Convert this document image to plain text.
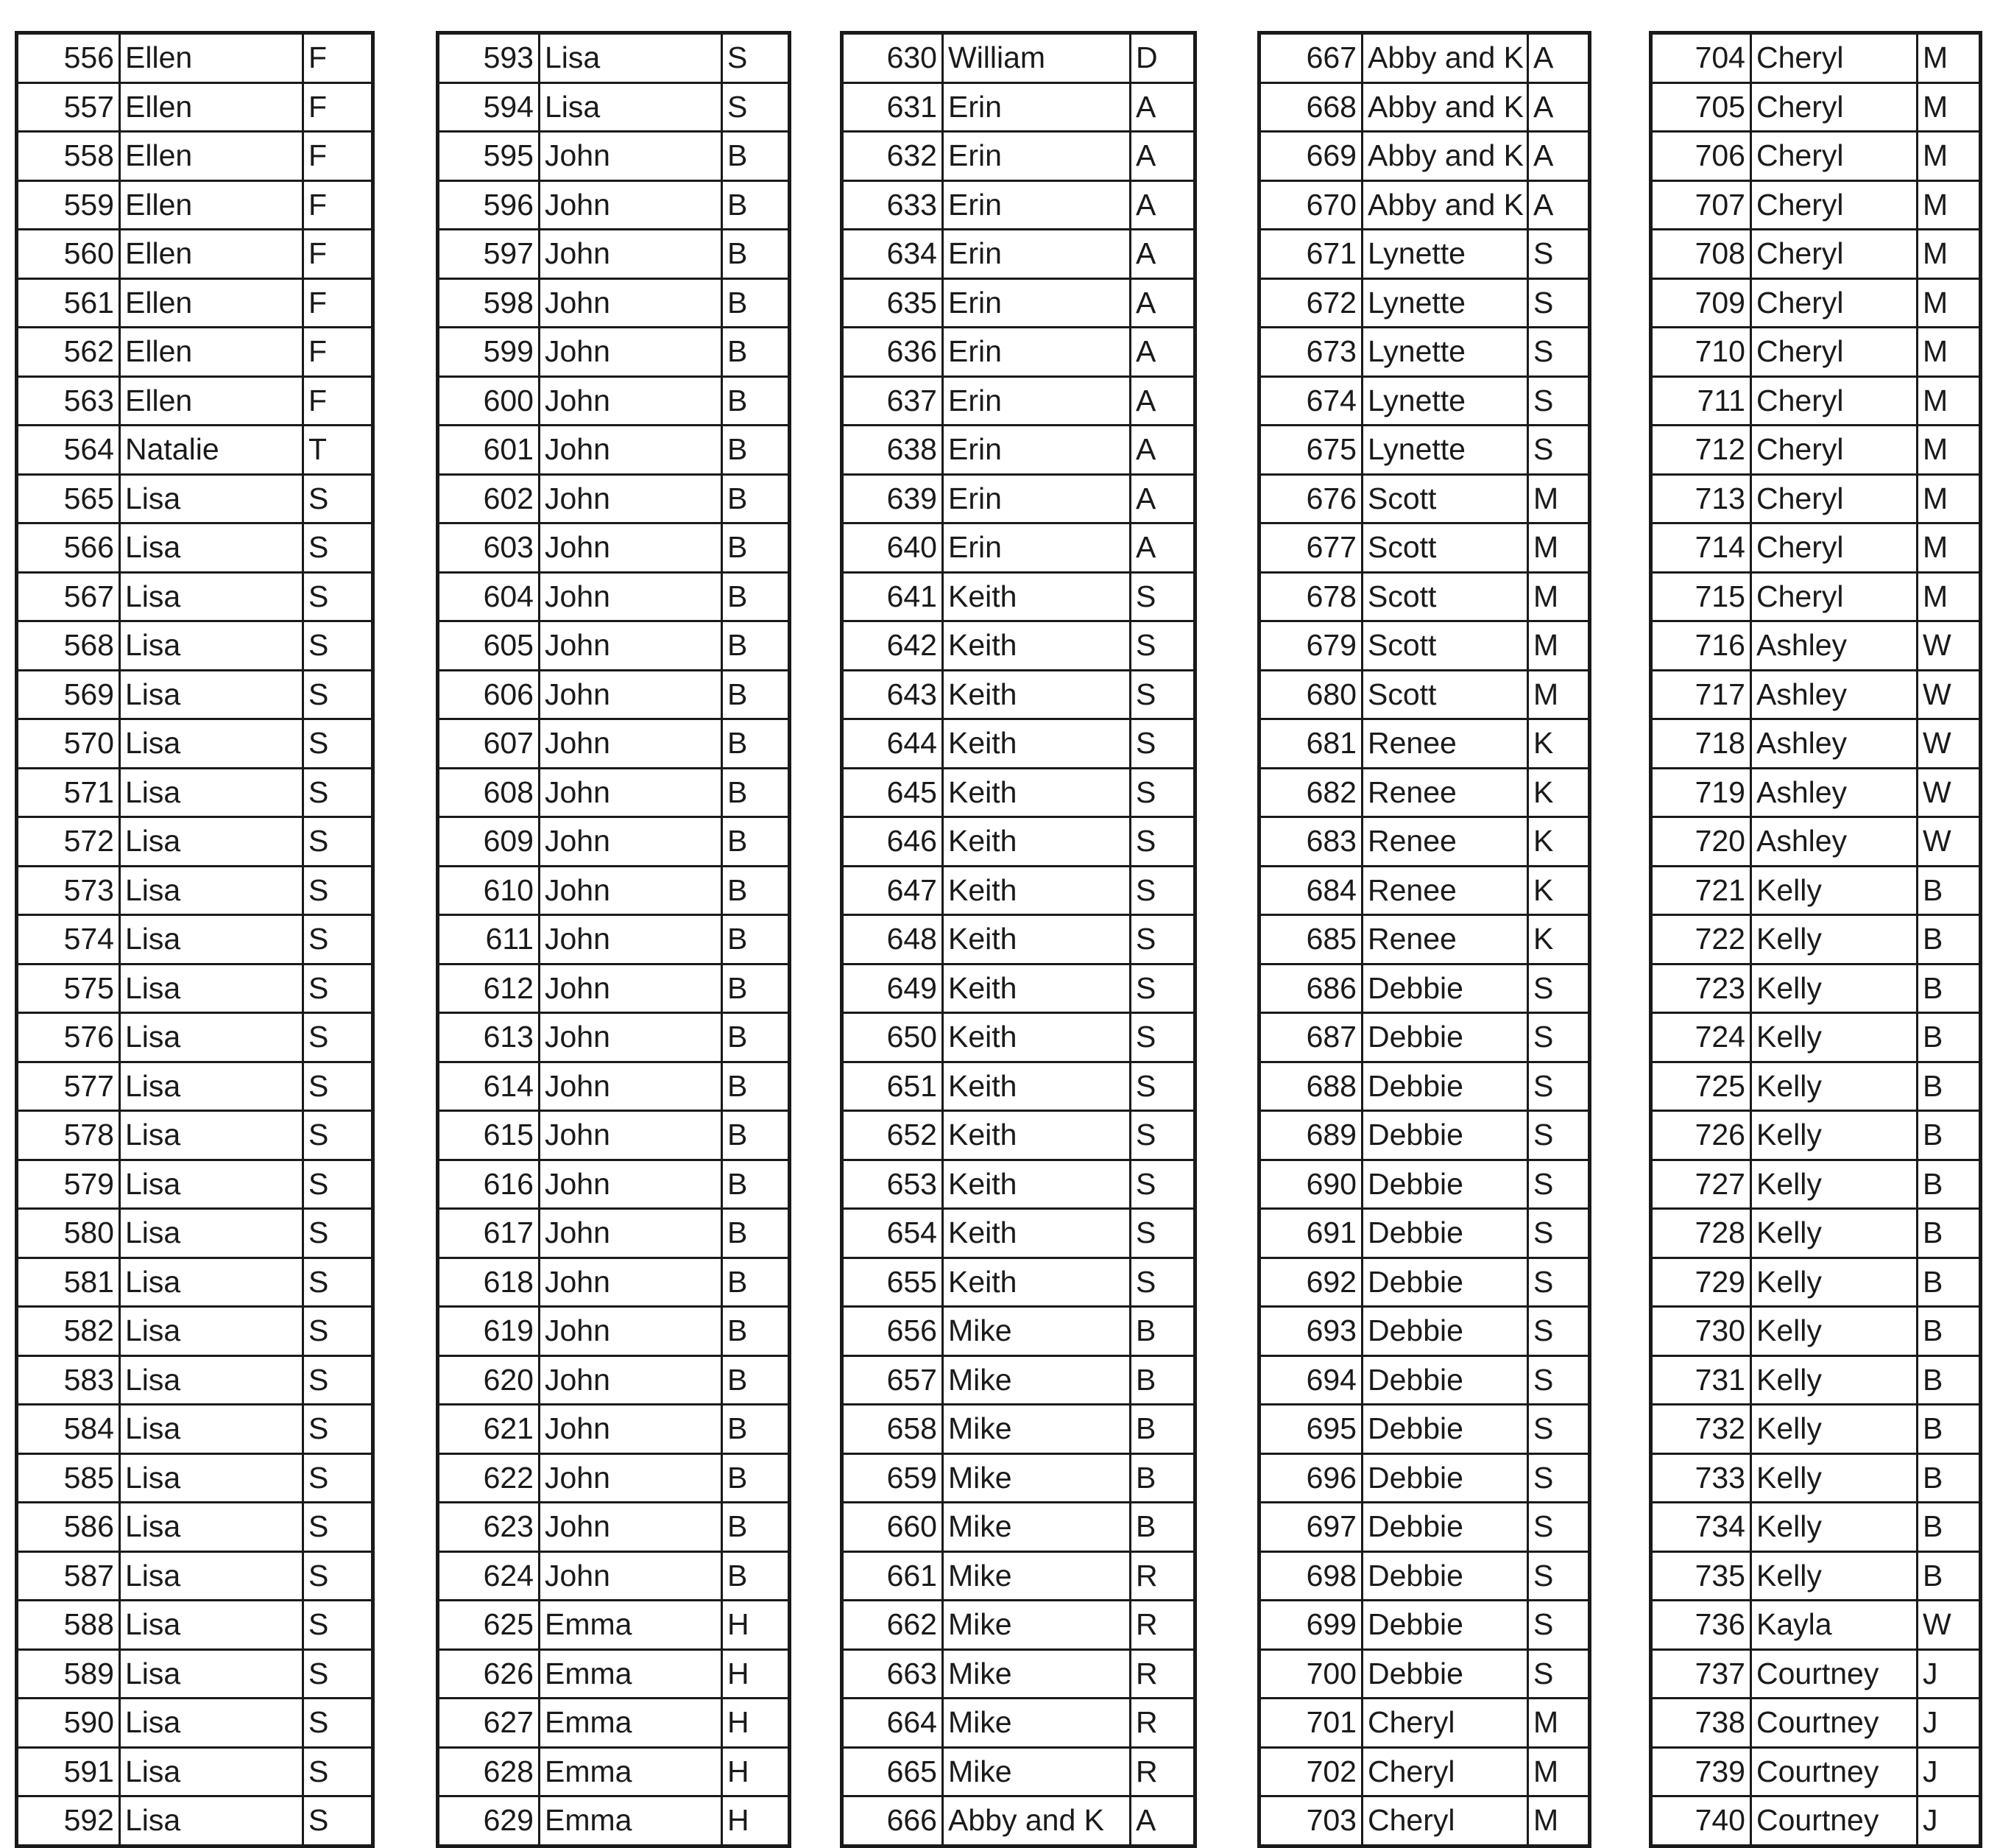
556	Ellen	F
557	Ellen	F
558	Ellen	F
559	Ellen	F
560	Ellen	F
561	Ellen	F
562	Ellen	F
563	Ellen	F
564	Natalie	T
565	Lisa	S
566	Lisa	S
567	Lisa	S
568	Lisa	S
569	Lisa	S
570	Lisa	S
571	Lisa	S
572	Lisa	S
573	Lisa	S
574	Lisa	S
575	Lisa	S
576	Lisa	S
577	Lisa	S
578	Lisa	S
579	Lisa	S
580	Lisa	S
581	Lisa	S
582	Lisa	S
583	Lisa	S
584	Lisa	S
585	Lisa	S
586	Lisa	S
587	Lisa	S
588	Lisa	S
589	Lisa	S
590	Lisa	S
591	Lisa	S
592	Lisa	S
593	Lisa	S
594	Lisa	S
595	John	B
596	John	B
597	John	B
598	John	B
599	John	B
600	John	B
601	John	B
602	John	B
603	John	B
604	John	B
605	John	B
606	John	B
607	John	B
608	John	B
609	John	B
610	John	B
611	John	B
612	John	B
613	John	B
614	John	B
615	John	B
616	John	B
617	John	B
618	John	B
619	John	B
620	John	B
621	John	B
622	John	B
623	John	B
624	John	B
625	Emma	H
626	Emma	H
627	Emma	H
628	Emma	H
629	Emma	H
630	William	D
631	Erin	A
632	Erin	A
633	Erin	A
634	Erin	A
635	Erin	A
636	Erin	A
637	Erin	A
638	Erin	A
639	Erin	A
640	Erin	A
641	Keith	S
642	Keith	S
643	Keith	S
644	Keith	S
645	Keith	S
646	Keith	S
647	Keith	S
648	Keith	S
649	Keith	S
650	Keith	S
651	Keith	S
652	Keith	S
653	Keith	S
654	Keith	S
655	Keith	S
656	Mike	B
657	Mike	B
658	Mike	B
659	Mike	B
660	Mike	B
661	Mike	R
662	Mike	R
663	Mike	R
664	Mike	R
665	Mike	R
666	Abby and K	A
667	Abby and K	A
668	Abby and K	A
669	Abby and K	A
670	Abby and K	A
671	Lynette	S
672	Lynette	S
673	Lynette	S
674	Lynette	S
675	Lynette	S
676	Scott	M
677	Scott	M
678	Scott	M
679	Scott	M
680	Scott	M
681	Renee	K
682	Renee	K
683	Renee	K
684	Renee	K
685	Renee	K
686	Debbie	S
687	Debbie	S
688	Debbie	S
689	Debbie	S
690	Debbie	S
691	Debbie	S
692	Debbie	S
693	Debbie	S
694	Debbie	S
695	Debbie	S
696	Debbie	S
697	Debbie	S
698	Debbie	S
699	Debbie	S
700	Debbie	S
701	Cheryl	M
702	Cheryl	M
703	Cheryl	M
704	Cheryl	M
705	Cheryl	M
706	Cheryl	M
707	Cheryl	M
708	Cheryl	M
709	Cheryl	M
710	Cheryl	M
711	Cheryl	M
712	Cheryl	M
713	Cheryl	M
714	Cheryl	M
715	Cheryl	M
716	Ashley	W
717	Ashley	W
718	Ashley	W
719	Ashley	W
720	Ashley	W
721	Kelly	B
722	Kelly	B
723	Kelly	B
724	Kelly	B
725	Kelly	B
726	Kelly	B
727	Kelly	B
728	Kelly	B
729	Kelly	B
730	Kelly	B
731	Kelly	B
732	Kelly	B
733	Kelly	B
734	Kelly	B
735	Kelly	B
736	Kayla	W
737	Courtney	J
738	Courtney	J
739	Courtney	J
740	Courtney	J
